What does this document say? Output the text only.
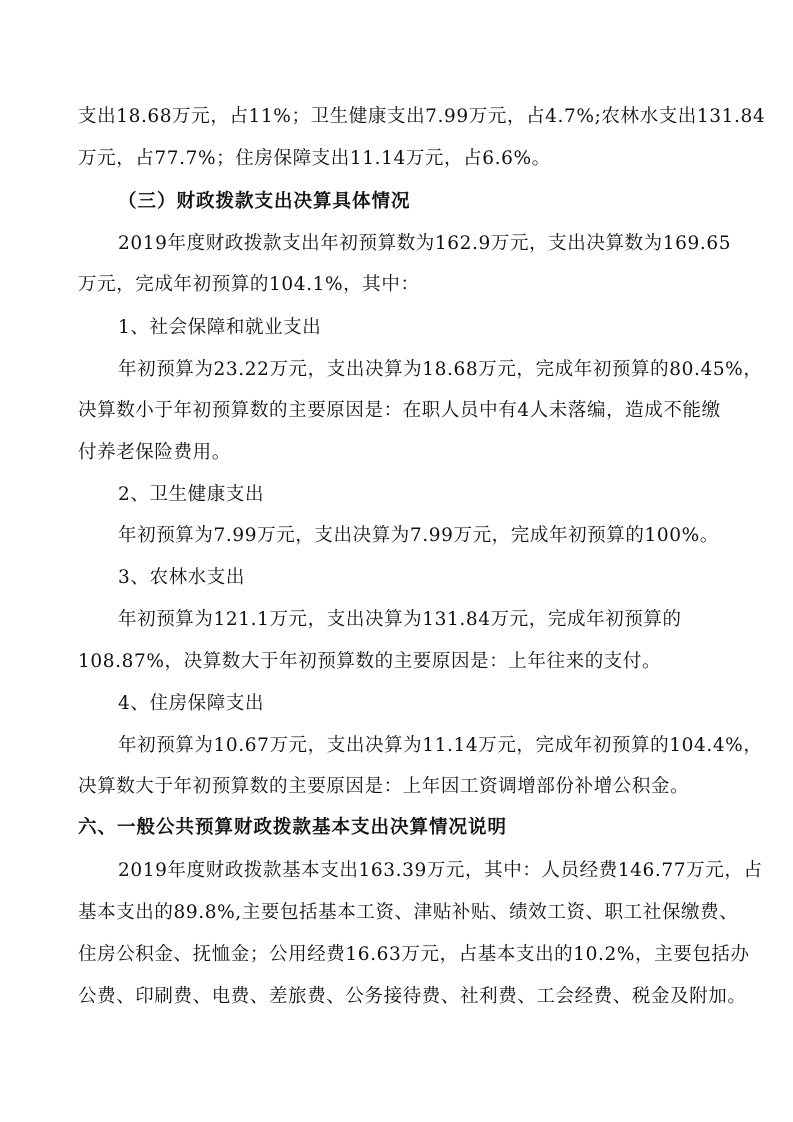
支出18.68万元，占11%；卫生健康支出7.99万元，占4.7%;农林水支出131.84
万元，占77.7%；住房保障支出11.14万元，占6.6%。
（三）财政拨款支出决算具体情况
2019年度财政拨款支出年初预算数为162.9万元，支出决算数为169.65
万元，完成年初预算的104.1%，其中：
1、社会保障和就业支出
年初预算为23.22万元，支出决算为18.68万元，完成年初预算的80.45%，
决算数小于年初预算数的主要原因是：在职人员中有4人未落编，造成不能缴
付养老保险费用。
2、卫生健康支出
年初预算为7.99万元，支出决算为7.99万元，完成年初预算的100%。
3、农林水支出
年初预算为121.1万元，支出决算为131.84万元，完成年初预算的
108.87%，决算数大于年初预算数的主要原因是：上年往来的支付。
4、住房保障支出
年初预算为10.67万元，支出决算为11.14万元，完成年初预算的104.4%，
决算数大于年初预算数的主要原因是：上年因工资调增部份补增公积金。
六、一般公共预算财政拨款基本支出决算情况说明
2019年度财政拨款基本支出163.39万元，其中：人员经费146.77万元，占
基本支出的89.8%,主要包括基本工资、津贴补贴、绩效工资、职工社保缴费、
住房公积金、抚恤金；公用经费16.63万元，占基本支出的10.2%，主要包括办
公费、印刷费、电费、差旅费、公务接待费、社利费、工会经费、税金及附加。
